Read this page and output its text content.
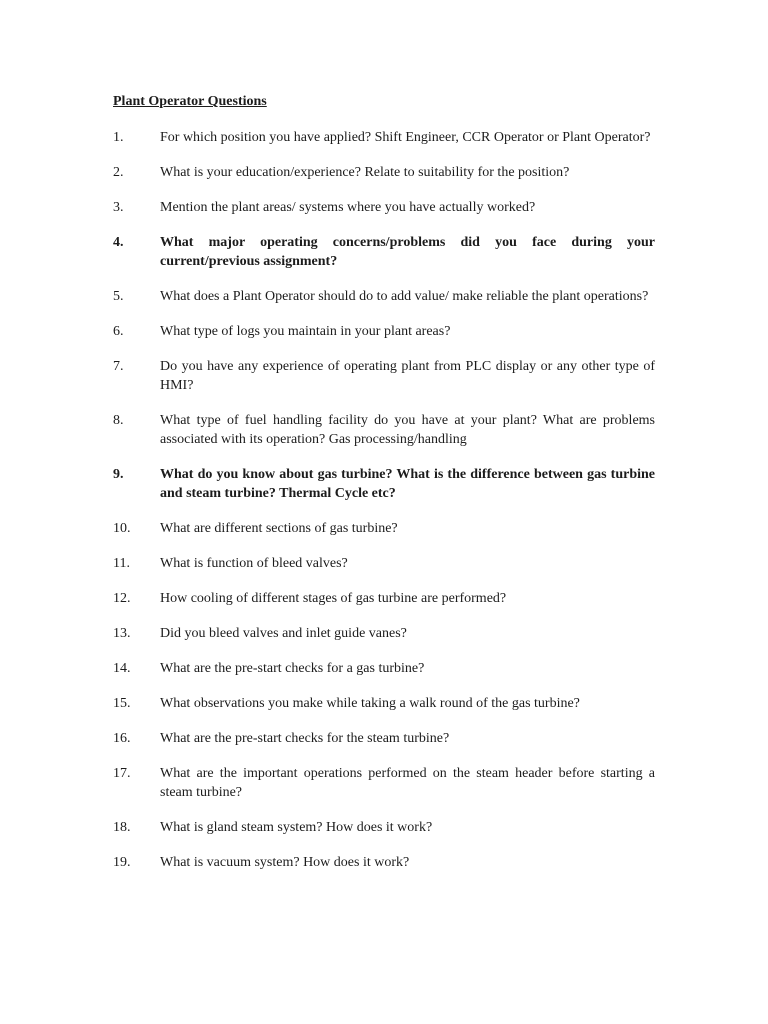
Plant Operator Questions
1.	For which position you have applied? Shift Engineer, CCR Operator or Plant Operator?
2.	What is your education/experience? Relate to suitability for the position?
3.	Mention the plant areas/ systems where you have actually worked?
4.	What major operating concerns/problems did you face during your current/previous assignment?
5.	What does a Plant Operator should do to add value/ make reliable the plant operations?
6.	What type of logs you maintain in your plant areas?
7.	Do you have any experience of operating plant from PLC display or any other type of HMI?
8.	What type of fuel handling facility do you have at your plant? What are problems associated with its operation? Gas processing/handling
9.	What do you know about gas turbine? What is the difference between gas turbine and steam turbine? Thermal Cycle etc?
10.	What are different sections of gas turbine?
11.	What is function of bleed valves?
12.	How cooling of different stages of gas turbine are performed?
13.	Did you bleed valves and inlet guide vanes?
14.	What are the pre-start checks for a gas turbine?
15.	What observations you make while taking a walk round of the gas turbine?
16.	What are the pre-start checks for the steam turbine?
17.	What are the important operations performed on the steam header before starting a steam turbine?
18.	What is gland steam system? How does it work?
19.	What is vacuum system? How does it work?
